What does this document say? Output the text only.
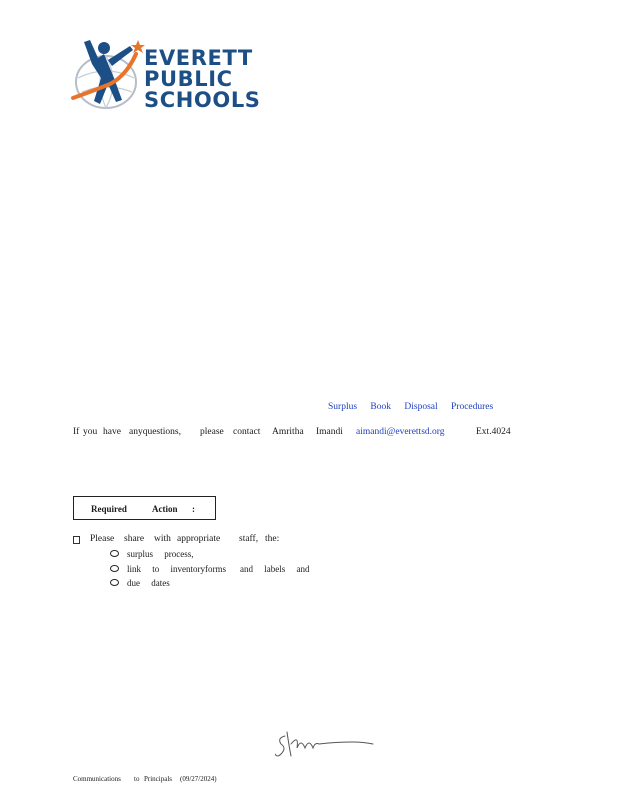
EVERETT
PUBLIC
SCHOOLS
Surplus Book Disposal Procedures
If you have anyquestions, please contact Amritha Imandi aimandi@everettsd.org	Ext.4024
Required	Action :
Please share with appropriate staff, the:
surplus process,
link to inventoryforms and labels and
due dates
Communications to Principals (09/27/2024)
